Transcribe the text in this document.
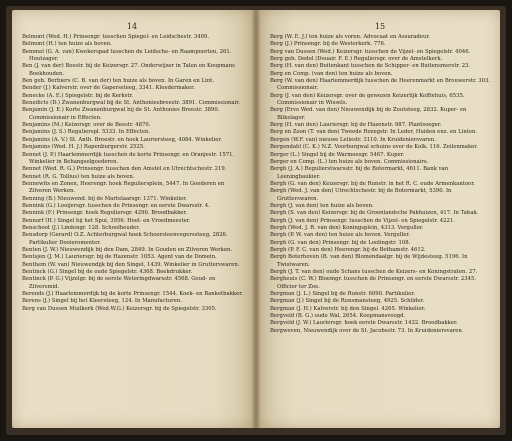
14
Belmont (Wed. H.) Prinsengr. tusschen Spiegel- en Leidschestr. 3409.
Belmont (H.) ten huize als boven.
Bemmel (G. A. van) Kwekerspad tusschen de Leidsche- en Raampoorten, 261. Houtzager.
Ben (J. van der) Beestr. bij de Keizersgr. 27. Onderwijzer in Talen en Koopmans Boekhouden.
Ben geb. Berbiers (C. B. van der) ten huize als boven. In Garen en Lint.
Bender (J.) Kalverstr. over de Gaperssteeg, 3341. Kleedermaker.
Benecke (A. E.) Spiegelstr. bij de Kerkstr.
Benedicts (D.) Zwanenburgwal bij de St. Anthoniesbreestr. 3891. Commissionair.
Benjamin (J. E.) Korte Zwanenburgwal bij de St. Anthonies Breestr. 3890. Commissionair in Effecten.
Benjamins (M.) Keizersgr. over de Beestr. 4870.
Benjamins (J. S.) Regulierspl. 5333. In Effecten.
Benjamins (A. V.) St. Anth. Breestr. en hoek Lauriersteeg, 4084. Winkelier.
Benjamins (Wed. H. J.) Rapenburgerstr. 2525.
Bennet (J. P.) Haarlemmerdijk tusschen de korte Prinsengr. en Oranjestr. 1571. Winkelier in Behangselgoederen.
Bennet (Wed. R. G.) Prinsengr. tusschen den Amstel en Utrechtschestr. 219.
Bennet (R. G. Tollius) ten huize als boven.
Bennewits en Zonen, Heerengr. hoek Reguliersplein, 5447. In Goederen en Zilveren Werken.
Benning (B.) Nieuwend. bij de Martelaarsgr. 1371. Winkelier.
Bennink (G.) Looijersgr. tusschen de Prinsengr. en eerste Dwarsstr. 4.
Bennink (F.) Prinsengr. hoek Reguliersgr. 4290. Broodbakker.
Bennorf (H.) Singel bij het Spui, 3956. Heel- en Vroedmeester.
Benschoot (J.) Lindengr. 128. Schoolhouder.
Bensdorp (Gerard) O.Z. Achterburgwal hoek Schoorsteenvegerssteeg, 2826. Partikulier Dooieromenter.
Benten (J. W.) Nieuwendijk bij den Dam, 2849. In Gouden en Zilveren Werken.
Bentsjen (J. M.) Lauriersgr. bij de Hazenstr. 1053. Agent van de Domein.
Benthem (W. van) Nieuwendijk bij den Singel, 1439. Winkelier in Grutterswaren.
Bentinck (G.) Singel bij de oude Spiegelstr. 4368. Boekdrukker.
Bentinck (P. G.) Vijzelgr. bij de eerste Weteringdwarsstr. 4568. Goud- en Zilversmid.
Berends (J.) Haarlemmerdijk bij de korte Prinsengr. 1544. Koek- en Banketbakker.
Berens (J.) Singel bij het Kleersteeg, 124. In Manufacturen.
Berg van Dussen Muilkerk (Wed.W.G.) Keizersgr. bij de Spiegelstr. 3305.
15
Berg (W. E. J.) ten huize als voren. Advocaat en Assuradeur.
Berg (J.) Prinsengr. bij de Westerkerk. 776.
Berg van Dussen (Wed.) Keizersgr. tusschen de Vijzel- en Spiegelstr. 4046.
Berg geb. Dedel (Douair. F. E.) Reguliersgr. over de Amstelkerk.
Berg (H. van den) Buitenkant tusschen de Schipper- en Buitensmerstr. 23.
Berg en Comp. (van den) ten huize als boven.
Berg (W. van den) Haarlemmerdijk tusschen de Heerenmarkt en Brouwerstr. 303. Commissionair.
Berg (J. van den) Keizersgr. over de gewezen Keizerlijk Koffiehuis, 6535. Commissionair in Wissels.
Berg (Erve Wed. van den) Nieuwendijk bij de Zoutsteeg, 2832. Kuper- en Blikslager.
Berg (H. van den) Lauriersgr. bij de Hazenstr. 987. Plantsoeger.
Berg en Zoon (T. van den) Tweede Rozegstr. In Leder, Huiden enz. en Linten.
Bergen (W.F. van) nieuwe Leliestr. 3110. In Kruideniersvaren.
Bergendahl (C. K.) N.Z. Voorburgwal schuins over de Kolk. 116. Zeilenmaker.
Berger (L.) Singel bij de Warmoesgr. 5467. Kuper.
Berger en Comp. (L.) ten huize als boven. Commissionairs.
Bergh (J. A.) Regulierstwarsstr. bij de Botermarkt, 4611. Bank van Leeningbaukier.
Bergh (G. van den) Keizersgr. bij de Runstr. in het R. C. oude Armenkantoor.
Bergh (Wed. J. van den) Utrechtschestr. bij de Botermarkt, 5390. In Grutterswaren.
Bergh (J. van den) ten huize als boven.
Bergh (S. van den) Keizersgr. bij de Groenlandsche Pakhuizen, 417. In Tabak.
Bergh (J. van den) Prinsengr. tusschen de Vijzel- en Spiegelstr. 4221.
Bergh (Wed. J. R. van den) Koningsplein, 4313. Verguller.
Bergh (P. W. van den) ten huize als boven. Verguller.
Bergh (G. van den) Prinsengr. bij de Loolingstr. 108.
Bergh (P. F. C. van den) Heerengr. bij de Bothamstr. 4612.
Bergh Boterhoven (B. van den) Blomendaalgr. bij de Wijdesteeg. 5196. In Twistwaren.
Bergh (J. T. van den) oude Schans tusschen de Keizers- en Koningstraten. 27.
Bergheuis (C. W.) Bloemgr. tusschen de Prinsengr. en eerste Dwarsstr. 2345. Officier ter Zee.
Bergman (J. L.) Singel bij de Runstr. 6090. Partikulier.
Bergman (J.) Singel bij de Runsmansteeg, 4925. Schilder.
Bergman (J. H.) Kalverstr. bij den Singel. 4265. Winkelier.
Bergveld (B. G.) oude Wal, 2654. Koopmansvoogd.
Bergveld (J. W.) Lauriersgr. hoek eerste Dwarsstr. 1432. Broodbakker.
Bergweven, Nieuwendijk over de St. Jacobsstr. 73. In Kruideniersvaren.
